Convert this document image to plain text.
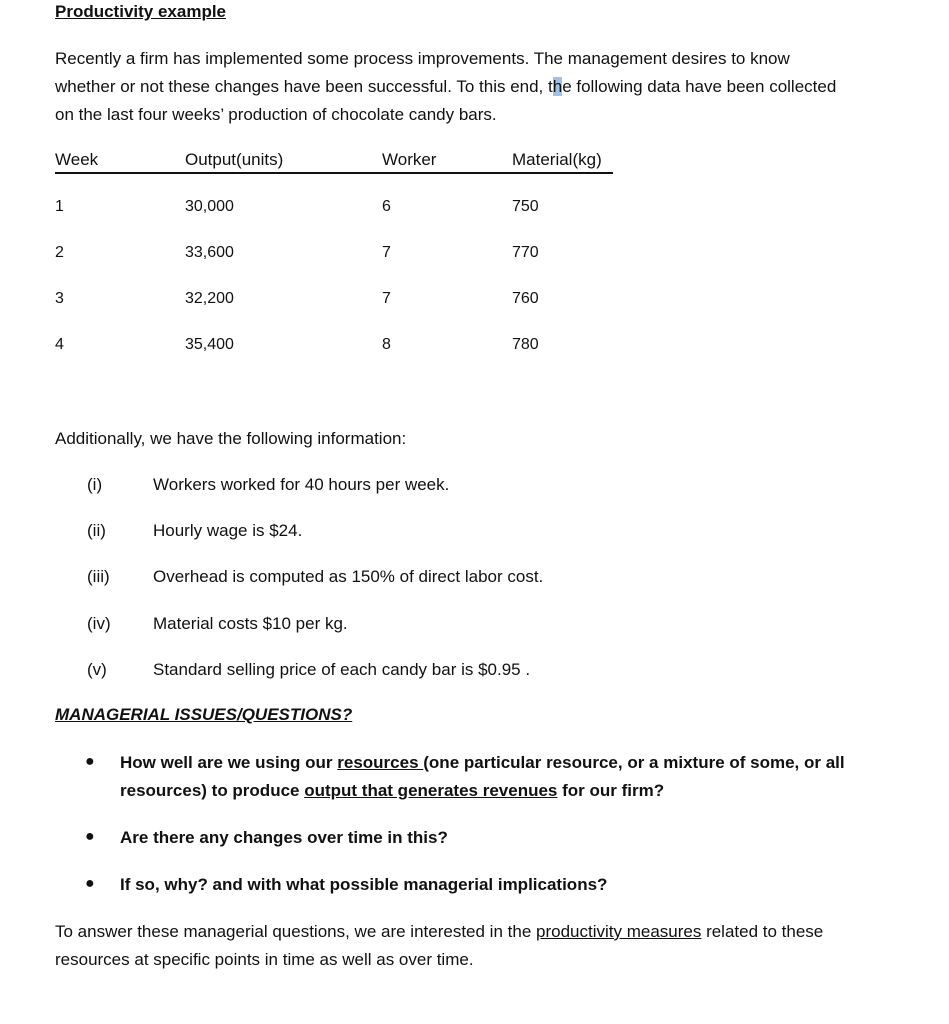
Productivity example
Recently a firm has implemented some process improvements. The management desires to know
whether or not these changes have been successful. To this end, the following data have been collected
on the last four weeks’ production of chocolate candy bars.
Week	Output(units)	Worker	Material(kg)
1	30,000	6	750
2	33,600	7	770
3	32,200	7	760
4	35,400	8	780
Additionally, we have the following information:
(i)	Workers worked for 40 hours per week.
(ii)	Hourly wage is $24.
(iii)	Overhead is computed as 150% of direct labor cost.
(iv) Material costs $10 per kg.
(v)	Standard selling price of each candy bar is $0.95 .
MANAGERIAL ISSUES/QUESTIONS?
● How well are we using our resources (one particular resource, or a mixture of some, or all
resources) to produce output that generates revenues for our firm?
● Are there any changes over time in this?
● If so, why? and with what possible managerial implications?
To answer these managerial questions, we are interested in the productivity measures related to these
resources at specific points in time as well as over time.
